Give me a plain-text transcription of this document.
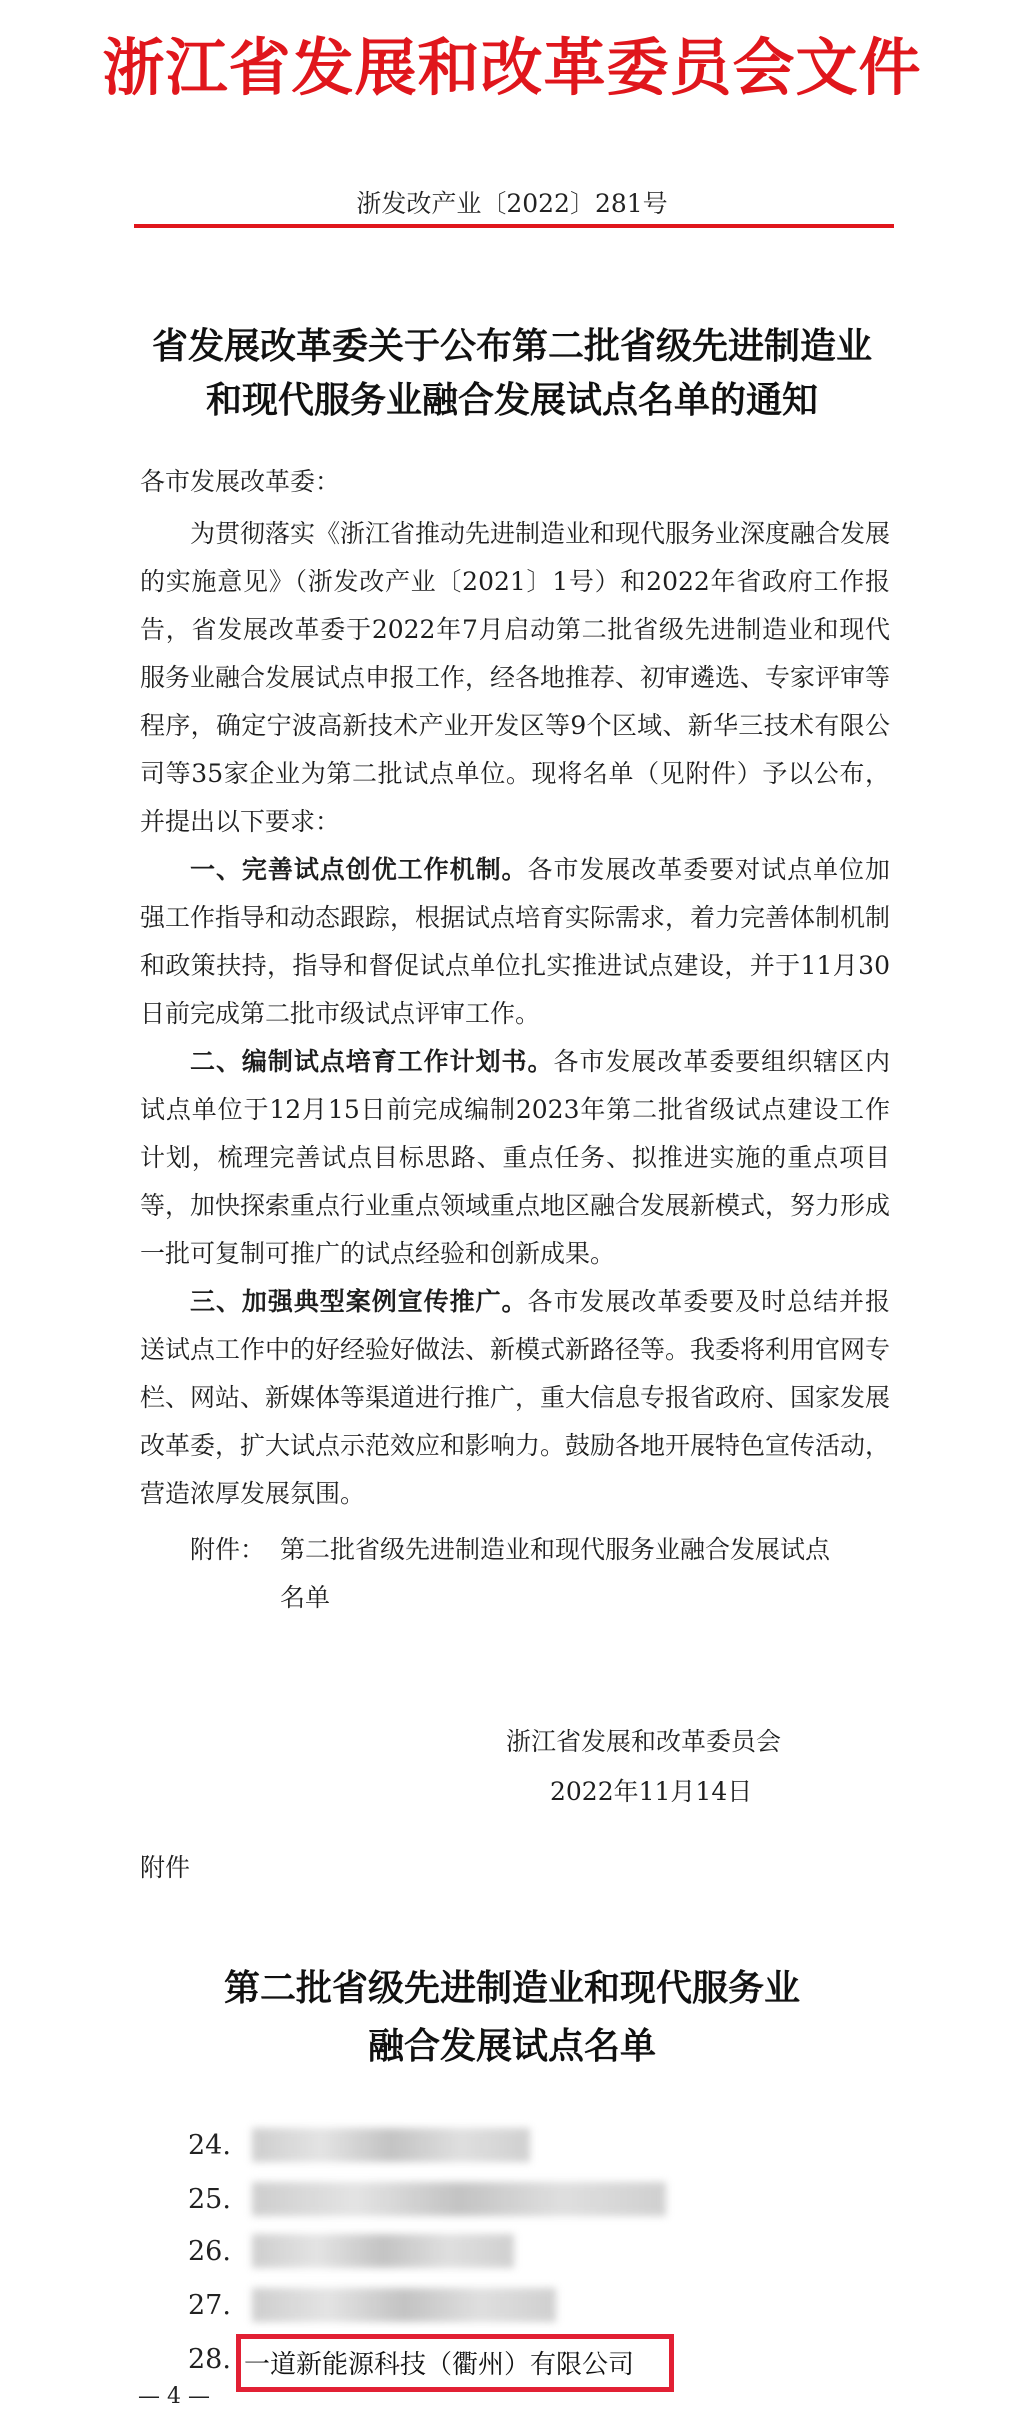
浙江省发展和改革委员会文件
浙发改产业〔2022〕281号
省发展改革委关于公布第二批省级先进制造业
和现代服务业融合发展试点名单的通知
各市发展改革委：

为贯彻落实《浙江省推动先进制造业和现代服务业深度融合发展的实施意见》（浙发改产业〔2021〕1号）和2022年省政府工作报告，省发展改革委于2022年7月启动第二批省级先进制造业和现代服务业融合发展试点申报工作，经各地推荐、初审遴选、专家评审等程序，确定宁波高新技术产业开发区等9个区域、新华三技术有限公司等35家企业为第二批试点单位。现将名单（见附件）予以公布，并提出以下要求：

一、完善试点创优工作机制。各市发展改革委要对试点单位加强工作指导和动态跟踪，根据试点培育实际需求，着力完善体制机制和政策扶持，指导和督促试点单位扎实推进试点建设，并于11月30日前完成第二批市级试点评审工作。

二、编制试点培育工作计划书。各市发展改革委要组织辖区内试点单位于12月15日前完成编制2023年第二批省级试点建设工作计划，梳理完善试点目标思路、重点任务、拟推进实施的重点项目等，加快探索重点行业重点领域重点地区融合发展新模式，努力形成一批可复制可推广的试点经验和创新成果。

三、加强典型案例宣传推广。各市发展改革委要及时总结并报送试点工作中的好经验好做法、新模式新路径等。我委将利用官网专栏、网站、新媒体等渠道进行推广，重大信息专报省政府、国家发展改革委，扩大试点示范效应和影响力。鼓励各地开展特色宣传活动，营造浓厚发展氛围。

附件： 第二批省级先进制造业和现代服务业融合发展试点
名单
浙江省发展和改革委员会
2022年11月14日
附件
第二批省级先进制造业和现代服务业
融合发展试点名单
24.
25.
26.
27.
28. 一道新能源科技（衢州）有限公司
— 4 —
